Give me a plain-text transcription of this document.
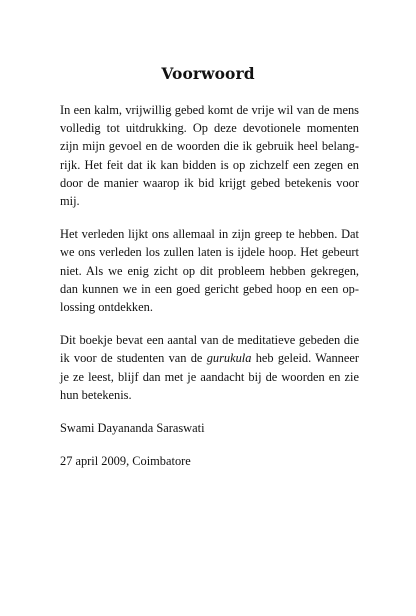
Voorwoord

In een kalm, vrijwillig gebed komt de vrije wil van de mens
volledig tot uitdrukking. Op deze devotionele momenten
zijn mijn gevoel en de woorden die ik gebruik heel belang-
rijk. Het feit dat ik kan bidden is op zichzelf een zegen en
door de manier waarop ik bid krijgt gebed betekenis voor
mij.

Het verleden lijkt ons allemaal in zijn greep te hebben. Dat
we ons verleden los zullen laten is ijdele hoop. Het gebeurt
niet. Als we enig zicht op dit probleem hebben gekregen,
dan kunnen we in een goed gericht gebed hoop en een op-
lossing ontdekken.

Dit boekje bevat een aantal van de meditatieve gebeden die
ik voor de studenten van de gurukula heb geleid. Wanneer
je ze leest, blijf dan met je aandacht bij de woorden en zie
hun betekenis.

Swami Dayananda Saraswati

27 april 2009, Coimbatore
